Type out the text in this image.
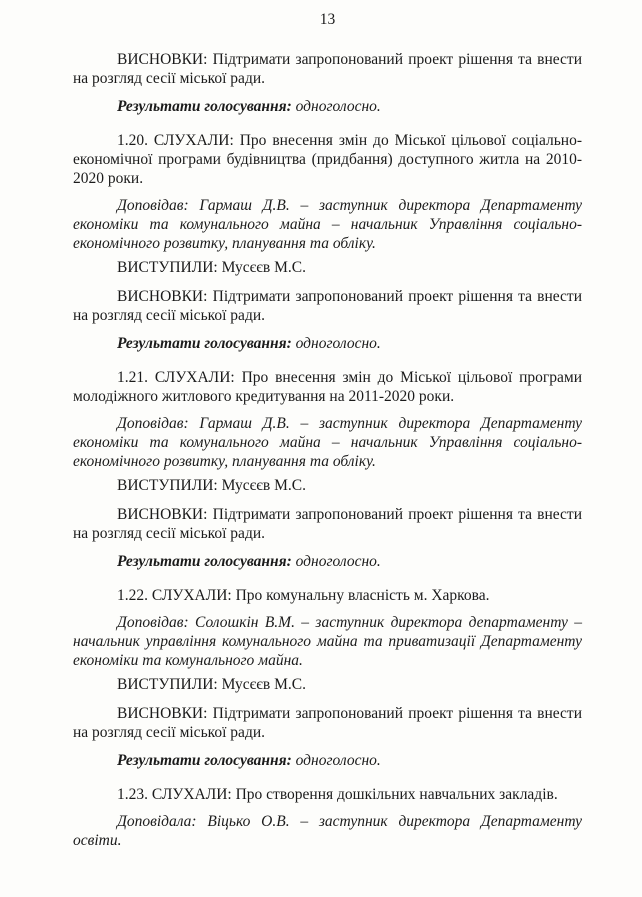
13

ВИСНОВКИ: Підтримати запропонований проект рішення та внести на розгляд сесії міської ради.

Результати голосування: одноголосно.

1.20. СЛУХАЛИ: Про внесення змін до Міської цільової соціально-економічної програми будівництва (придбання) доступного житла на 2010-2020 роки.

Доповідав: Гармаш Д.В. – заступник директора Департаменту економіки та комунального майна – начальник Управління соціально-економічного розвитку, планування та обліку.

ВИСТУПИЛИ: Мусєєв М.С.

ВИСНОВКИ: Підтримати запропонований проект рішення та внести на розгляд сесії міської ради.

Результати голосування: одноголосно.

1.21. СЛУХАЛИ: Про внесення змін до Міської цільової програми молодіжного житлового кредитування на 2011-2020 роки.

Доповідав: Гармаш Д.В. – заступник директора Департаменту економіки та комунального майна – начальник Управління соціально-економічного розвитку, планування та обліку.

ВИСТУПИЛИ: Мусєєв М.С.

ВИСНОВКИ: Підтримати запропонований проект рішення та внести на розгляд сесії міської ради.

Результати голосування: одноголосно.

1.22. СЛУХАЛИ: Про комунальну власність м. Харкова.

Доповідав: Солошкін В.М. – заступник директора департаменту – начальник управління комунального майна та приватизації Департаменту економіки та комунального майна.

ВИСТУПИЛИ: Мусєєв М.С.

ВИСНОВКИ: Підтримати запропонований проект рішення та внести на розгляд сесії міської ради.

Результати голосування: одноголосно.

1.23. СЛУХАЛИ: Про створення дошкільних навчальних закладів.

Доповідала: Віцько О.В. – заступник директора Департаменту освіти.
